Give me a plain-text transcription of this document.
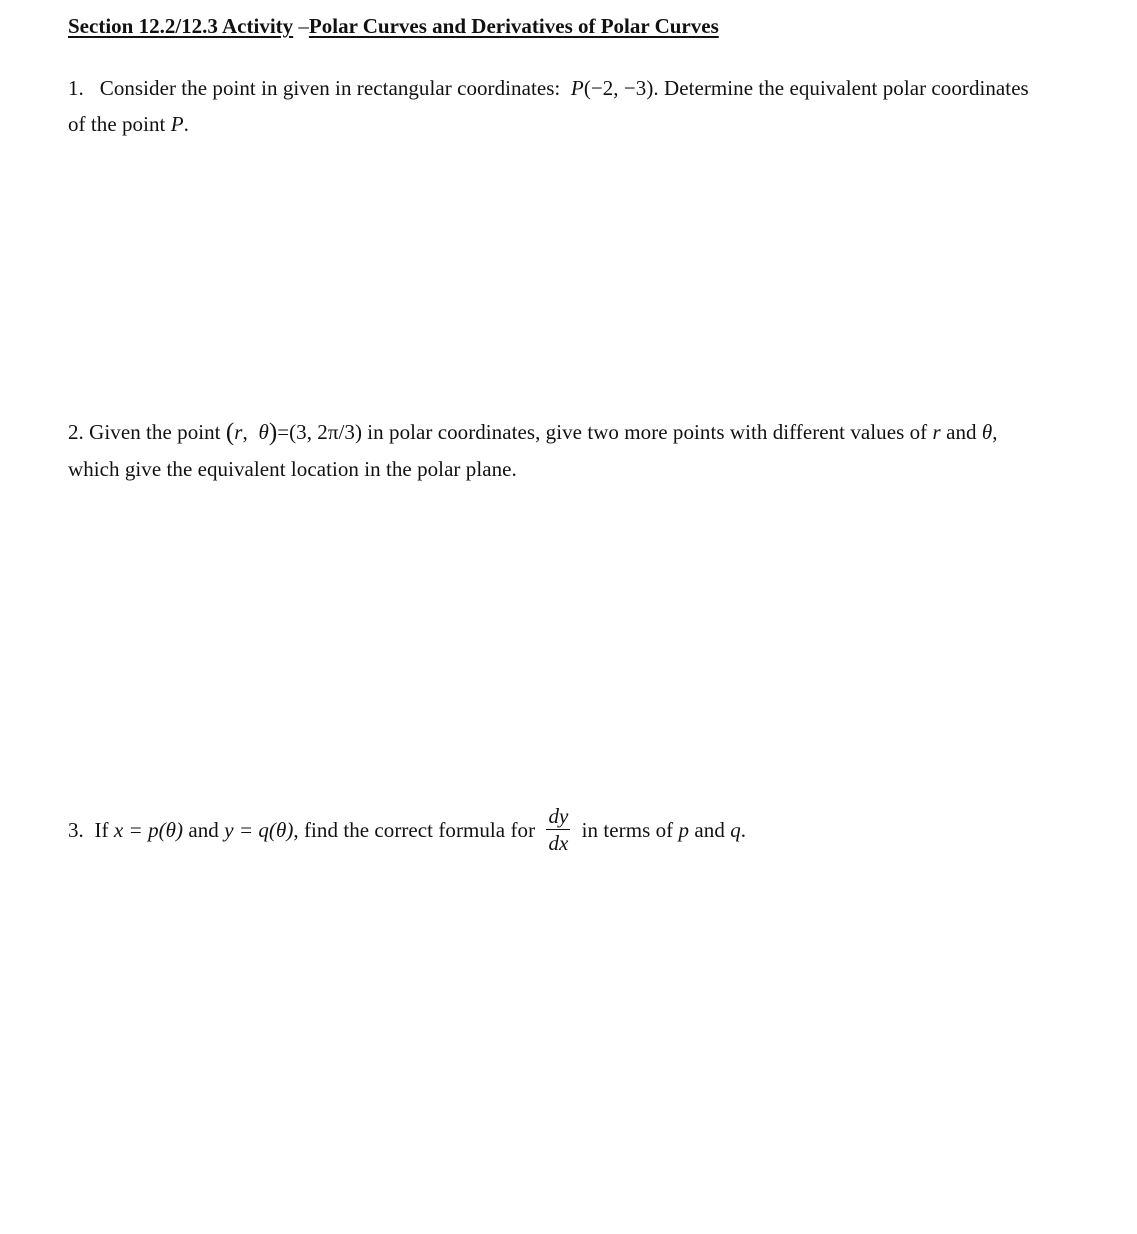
Section 12.2/12.3 Activity –Polar Curves and Derivatives of Polar Curves
1. Consider the point in given in rectangular coordinates: P(−2, −3). Determine the equivalent polar coordinates
of the point P.
2. Given the point (r, θ)=(3, 2π/3) in polar coordinates, give two more points with different values of r and θ,
which give the equivalent location in the polar plane.
3. If x = p(θ) and y = q(θ), find the correct formula for $\frac{dy}{dx}$ in terms of p and q.
